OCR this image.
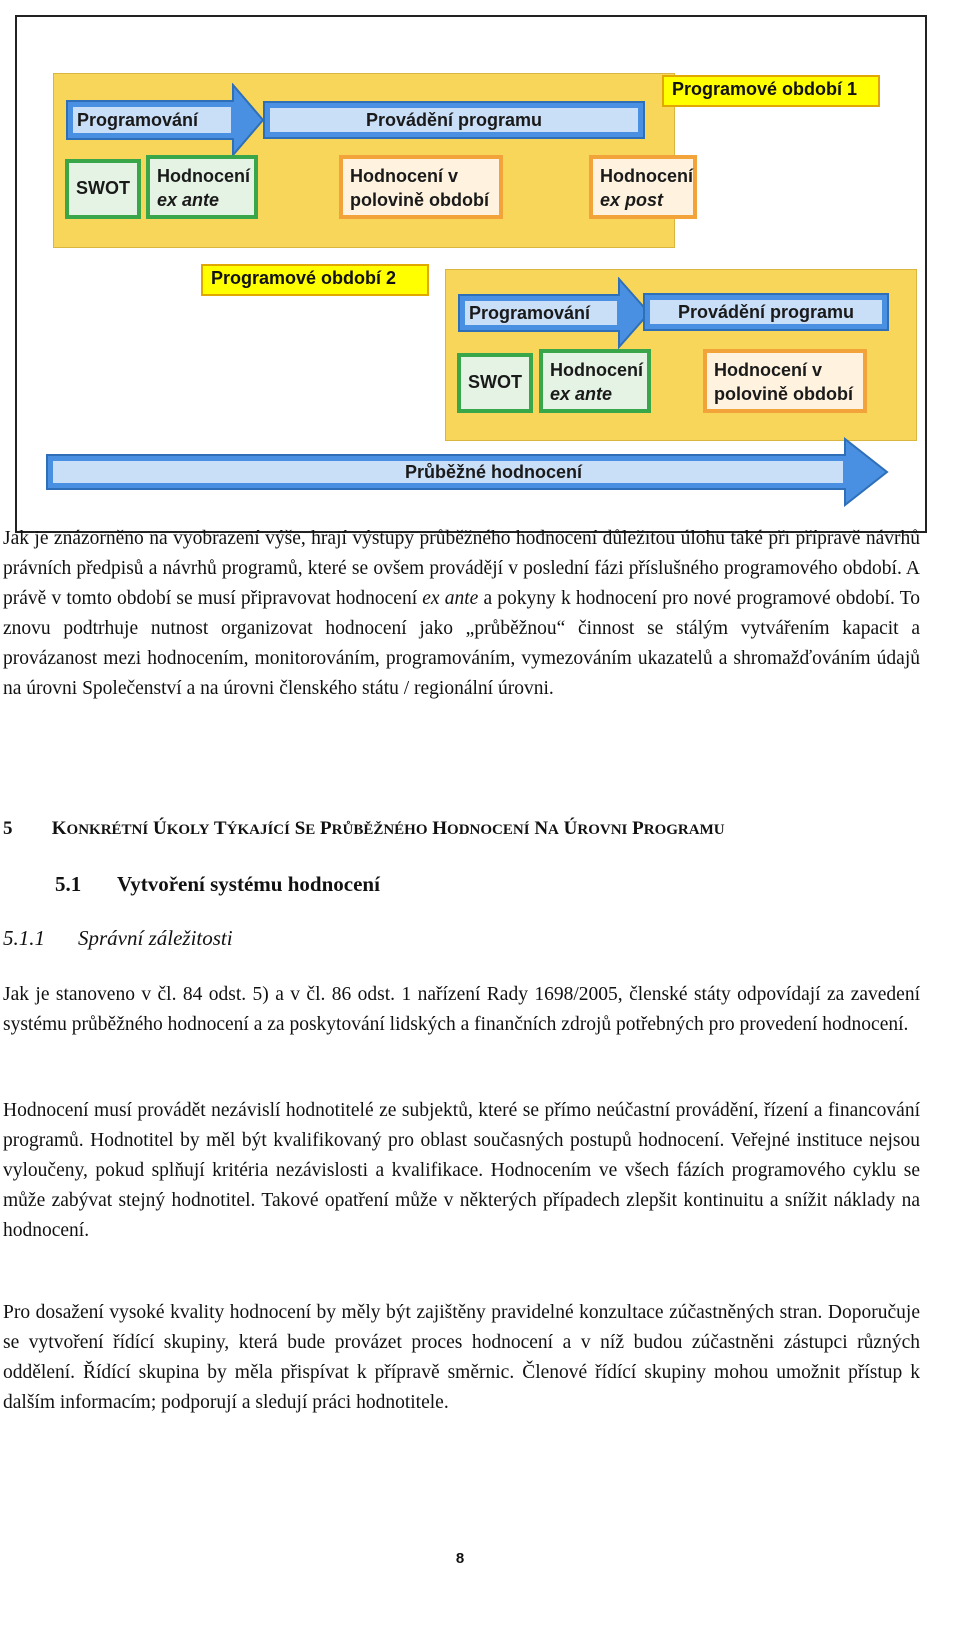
Programové období 1
Programování	Provádění programu
SWOT
Hodnocení
ex ante
Hodnocení v
polovině období
Hodnocení
ex post
Programové období 2
Programování	Provádění programu
SWOT
Hodnocení
ex ante
Hodnocení v
polovině období
Průběžné hodnocení

Jak je znázorněno na vyobrazení výše, hrají výstupy průběžného hodnocení důležitou úlohu také při přípravě návrhů právních předpisů a návrhů programů, které se ovšem provádějí v poslední fázi příslušného programového období. A právě v tomto období se musí připravovat hodnocení ex ante a pokyny k hodnocení pro nové programové období. To znovu podtrhuje nutnost organizovat hodnocení jako „průběžnou“ činnost se stálým vytvářením kapacit a provázanost mezi hodnocením, monitorováním, programováním, vymezováním ukazatelů a shromažďováním údajů na úrovni Společenství a na úrovni členského státu / regionální úrovni.

5 KONKRÉTNÍ ÚKOLY TÝKAJÍCÍ SE PRŮBĚŽNÉHO HODNOCENÍ NA ÚROVNI PROGRAMU
5.1 Vytvoření systému hodnocení
5.1.1 Správní záležitosti

Jak je stanoveno v čl. 84 odst. 5) a v čl. 86 odst. 1 nařízení Rady 1698/2005, členské státy odpovídají za zavedení systému průběžného hodnocení a za poskytování lidských a finančních zdrojů potřebných pro provedení hodnocení.

Hodnocení musí provádět nezávislí hodnotitelé ze subjektů, které se přímo neúčastní provádění, řízení a financování programů. Hodnotitel by měl být kvalifikovaný pro oblast současných postupů hodnocení. Veřejné instituce nejsou vyloučeny, pokud splňují kritéria nezávislosti a kvalifikace. Hodnocením ve všech fázích programového cyklu se může zabývat stejný hodnotitel. Takové opatření může v některých případech zlepšit kontinuitu a snížit náklady na hodnocení.

Pro dosažení vysoké kvality hodnocení by měly být zajištěny pravidelné konzultace zúčastněných stran. Doporučuje se vytvoření řídící skupiny, která bude provázet proces hodnocení a v níž budou zúčastněni zástupci různých oddělení. Řídící skupina by měla přispívat k přípravě směrnic. Členové řídící skupiny mohou umožnit přístup k dalším informacím; podporují a sledují práci hodnotitele.

8
